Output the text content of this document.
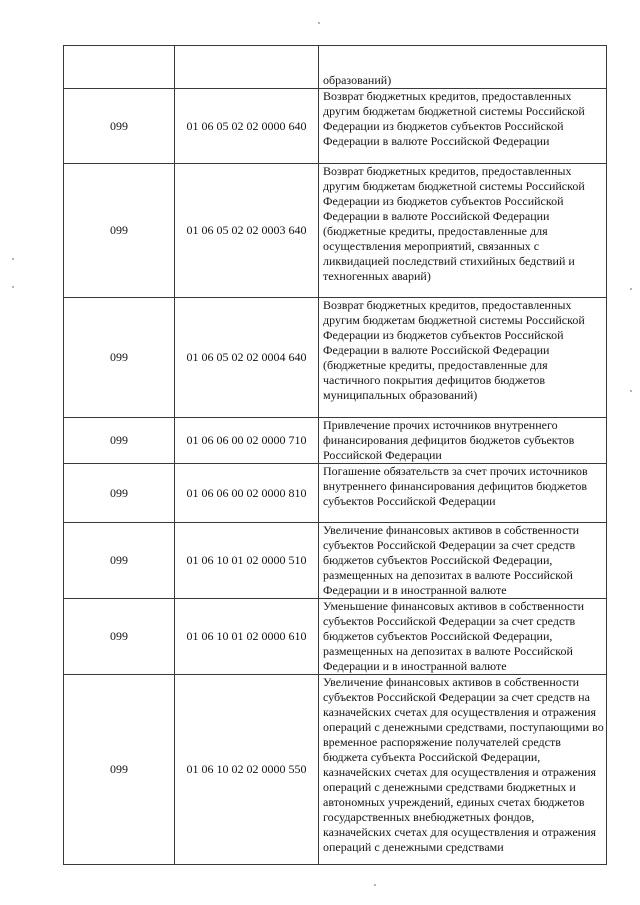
		образований)

099	01 06 05 02 02 0000 640	Возврат бюджетных кредитов, предоставленных другим бюджетам бюджетной системы Российской Федерации из бюджетов субъектов Российской Федерации в валюте Российской Федерации

099	01 06 05 02 02 0003 640	Возврат бюджетных кредитов, предоставленных другим бюджетам бюджетной системы Российской Федерации из бюджетов субъектов Российской Федерации в валюте Российской Федерации (бюджетные кредиты, предоставленные для осуществления мероприятий, связанных с ликвидацией последствий стихийных бедствий и техногенных аварий)

099	01 06 05 02 02 0004 640	Возврат бюджетных кредитов, предоставленных другим бюджетам бюджетной системы Российской Федерации из бюджетов субъектов Российской Федерации в валюте Российской Федерации (бюджетные кредиты, предоставленные для частичного покрытия дефицитов бюджетов муниципальных образований)

099	01 06 06 00 02 0000 710	Привлечение прочих источников внутреннего финансирования дефицитов бюджетов субъектов Российской Федерации

099	01 06 06 00 02 0000 810	Погашение обязательств за счет прочих источников внутреннего финансирования дефицитов бюджетов субъектов Российской Федерации

099	01 06 10 01 02 0000 510	Увеличение финансовых активов в собственности субъектов Российской Федерации за счет средств бюджетов субъектов Российской Федерации, размещенных на депозитах в валюте Российской Федерации и в иностранной валюте

099	01 06 10 01 02 0000 610	Уменьшение финансовых активов в собственности субъектов Российской Федерации за счет средств бюджетов субъектов Российской Федерации, размещенных на депозитах в валюте Российской Федерации и в иностранной валюте

099	01 06 10 02 02 0000 550	Увеличение финансовых активов в собственности субъектов Российской Федерации за счет средств на казначейских счетах для осуществления и отражения операций с денежными средствами, поступающими во временное распоряжение получателей средств бюджета субъекта Российской Федерации, казначейских счетах для осуществления и отражения операций с денежными средствами бюджетных и автономных учреждений, единых счетах бюджетов государственных внебюджетных фондов, казначейских счетах для осуществления и отражения операций с денежными средствами
